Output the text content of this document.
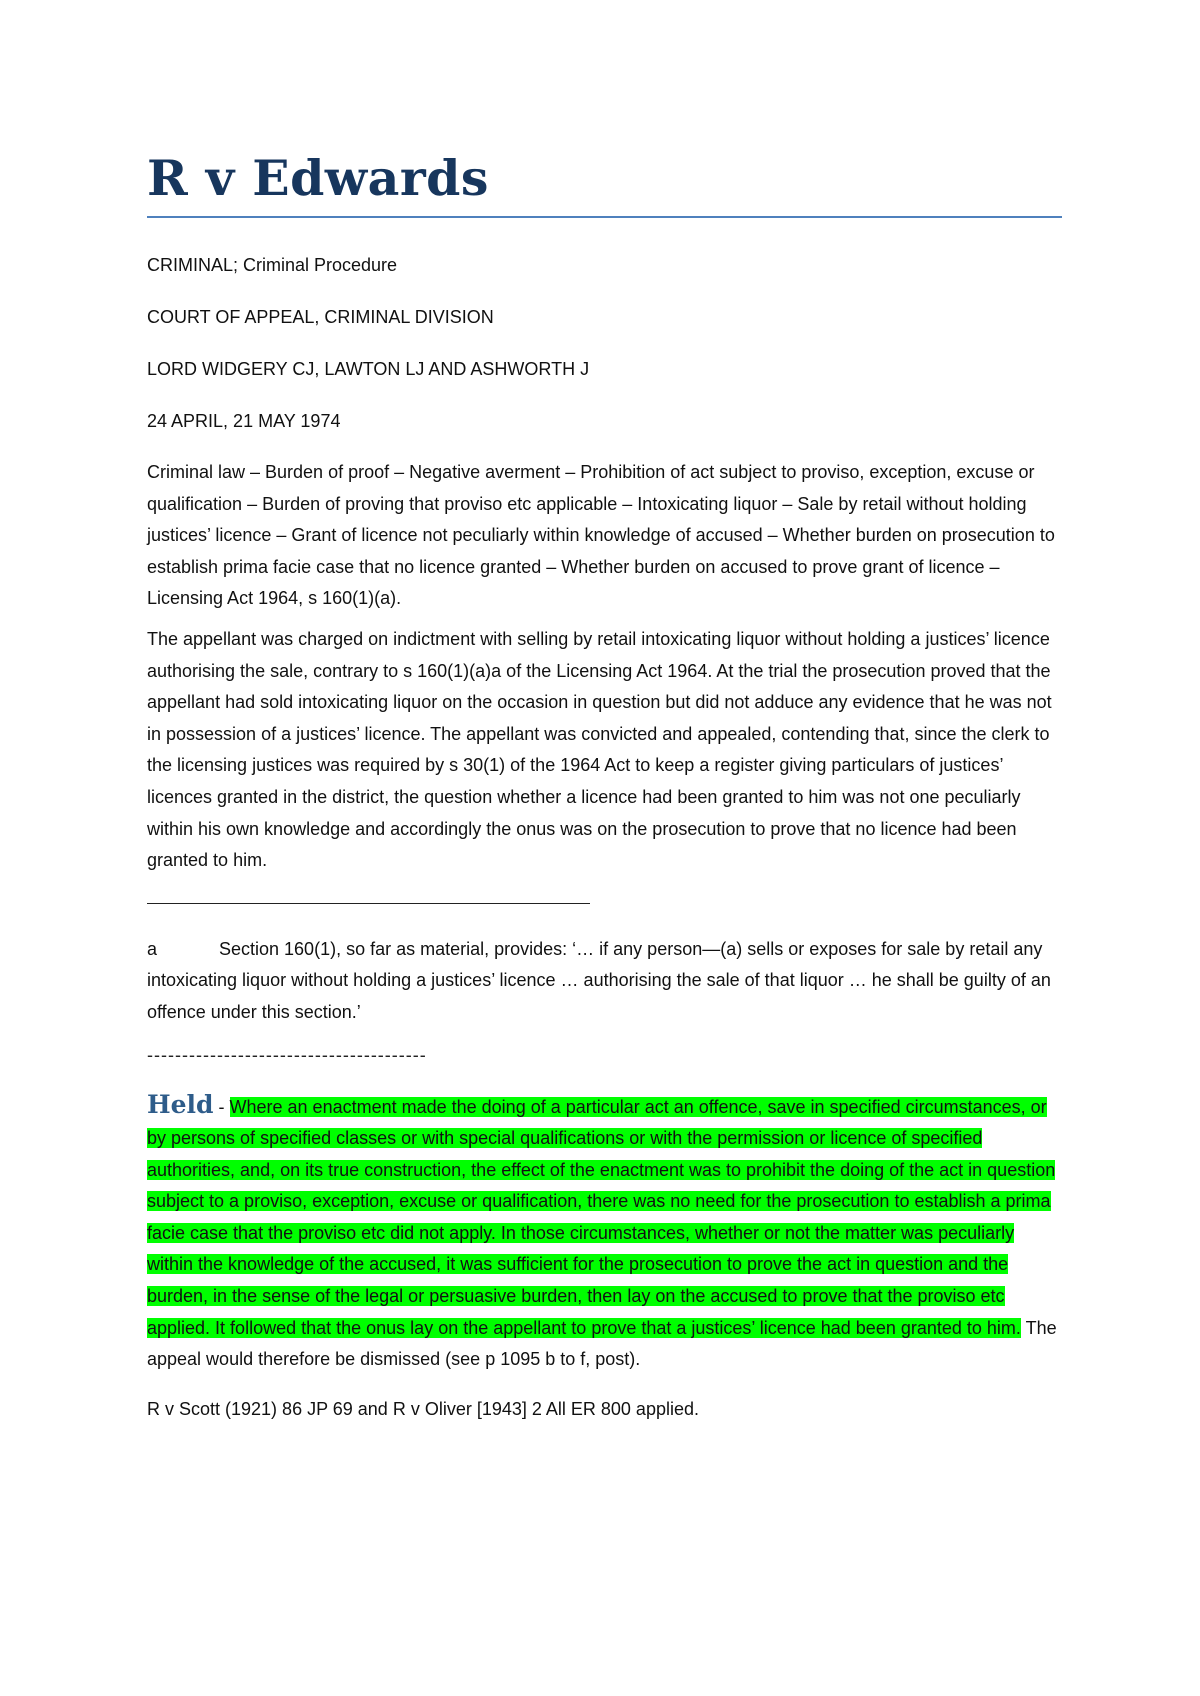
R v Edwards

CRIMINAL; Criminal Procedure

COURT OF APPEAL, CRIMINAL DIVISION

LORD WIDGERY CJ, LAWTON LJ AND ASHWORTH J

24 APRIL, 21 MAY 1974

Criminal law – Burden of proof – Negative averment – Prohibition of act subject to proviso, exception, excuse or qualification – Burden of proving that proviso etc applicable – Intoxicating liquor – Sale by retail without holding justices’ licence – Grant of licence not peculiarly within knowledge of accused – Whether burden on prosecution to establish prima facie case that no licence granted – Whether burden on accused to prove grant of licence – Licensing Act 1964, s 160(1)(a).

The appellant was charged on indictment with selling by retail intoxicating liquor without holding a justices’ licence authorising the sale, contrary to s 160(1)(a)a of the Licensing Act 1964. At the trial the prosecution proved that the appellant had sold intoxicating liquor on the occasion in question but did not adduce any evidence that he was not in possession of a justices’ licence. The appellant was convicted and appealed, contending that, since the clerk to the licensing justices was required by s 30(1) of the 1964 Act to keep a register giving particulars of justices’ licences granted in the district, the question whether a licence had been granted to him was not one peculiarly within his own knowledge and accordingly the onus was on the prosecution to prove that no licence had been granted to him.

a	Section 160(1), so far as material, provides: ‘… if any person—(a) sells or exposes for sale by retail any intoxicating liquor without holding a justices’ licence … authorising the sale of that liquor … he shall be guilty of an offence under this section.’
----------------------------------------

Held - Where an enactment made the doing of a particular act an offence, save in specified circumstances, or by persons of specified classes or with special qualifications or with the permission or licence of specified authorities, and, on its true construction, the effect of the enactment was to prohibit the doing of the act in question subject to a proviso, exception, excuse or qualification, there was no need for the prosecution to establish a prima facie case that the proviso etc did not apply. In those circumstances, whether or not the matter was peculiarly within the knowledge of the accused, it was sufficient for the prosecution to prove the act in question and the burden, in the sense of the legal or persuasive burden, then lay on the accused to prove that the proviso etc applied. It followed that the onus lay on the appellant to prove that a justices’ licence had been granted to him. The appeal would therefore be dismissed (see p 1095 b to f, post).

R v Scott (1921) 86 JP 69 and R v Oliver [1943] 2 All ER 800 applied.
